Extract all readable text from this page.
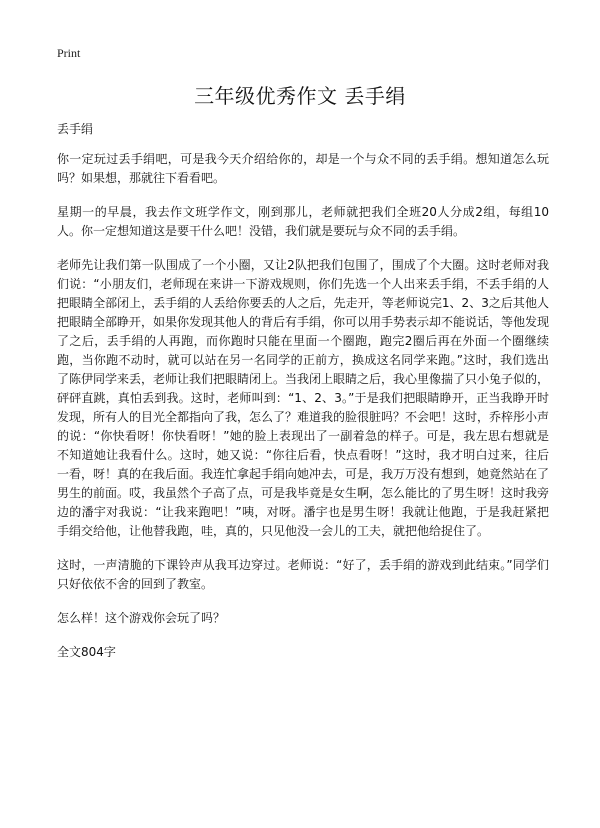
Print
三年级优秀作文 丢手绢
丢手绢

你一定玩过丢手绢吧，可是我今天介绍给你的，却是一个与众不同的丢手绢。想知道怎么玩吗？如果想，那就往下看看吧。

星期一的早晨，我去作文班学作文，刚到那儿，老师就把我们全班20人分成2组，每组10人。你一定想知道这是要干什么吧！没错，我们就是要玩与众不同的丢手绢。

老师先让我们第一队围成了一个小圈，又让2队把我们包围了，围成了个大圈。这时老师对我们说：“小朋友们，老师现在来讲一下游戏规则，你们先选一个人出来丢手绢，不丢手绢的人把眼睛全部闭上，丢手绢的人丢给你要丢的人之后，先走开，等老师说完1、2、3之后其他人把眼睛全部睁开，如果你发现其他人的背后有手绢，你可以用手势表示却不能说话，等他发现了之后，丢手绢的人再跑，而你跑时只能在里面一个圈跑，跑完2圈后再在外面一个圈继续跑，当你跑不动时，就可以站在另一名同学的正前方，换成这名同学来跑。”这时，我们选出了陈伊同学来丢，老师让我们把眼睛闭上。当我闭上眼睛之后，我心里像揣了只小兔子似的，砰砰直跳，真怕丢到我。这时，老师叫到：“1、2、3。”于是我们把眼睛睁开，正当我睁开时发现，所有人的目光全都指向了我，怎么了？难道我的脸很脏吗？不会吧！这时，乔梓彤小声的说：“你快看呀！你快看呀！”她的脸上表现出了一副着急的样子。可是，我左思右想就是不知道她让我看什么。这时，她又说：“你往后看，快点看呀！”这时，我才明白过来，往后一看，呀！真的在我后面。我连忙拿起手绢向她冲去，可是，我万万没有想到，她竟然站在了男生的前面。哎，我虽然个子高了点，可是我毕竟是女生啊，怎么能比的了男生呀！这时我旁边的潘宇对我说：“让我来跑吧！”咦，对呀。潘宇也是男生呀！我就让他跑，于是我赶紧把手绢交给他，让他替我跑，哇，真的，只见他没一会儿的工夫，就把他给捉住了。

这时，一声清脆的下课铃声从我耳边穿过。老师说：“好了，丢手绢的游戏到此结束。”同学们只好依依不舍的回到了教室。

怎么样！这个游戏你会玩了吗？

全文804字
